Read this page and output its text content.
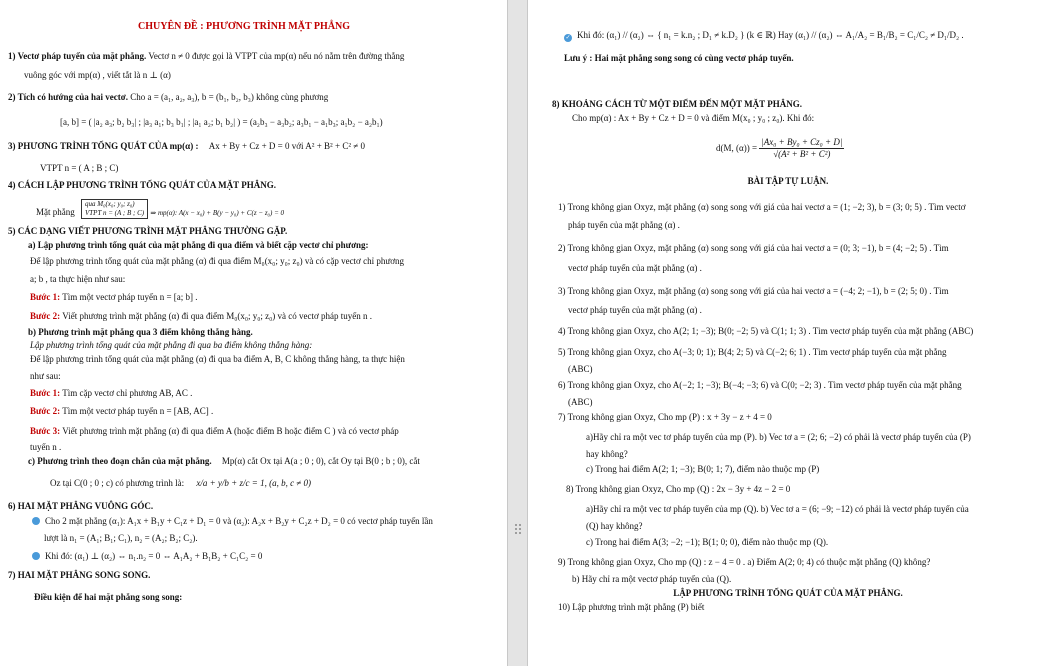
CHUYÊN ĐỀ : PHƯƠNG TRÌNH MẶT PHẲNG
1) Vectơ pháp tuyến của mặt phẳng. Vectơ n ≠ 0 được gọi là VTPT của mp(α) nếu nó nằm trên đường thẳng
vuông góc với mp(α) , viết tắt là n ⊥ (α)
2) Tích có hướng của hai vectơ. Cho a = (a₁, a₂, a₃), b = (b₁, b₂, b₃) không cùng phương
[a, b] = ( |a₂ a₃; b₂ b₃| ; |a₃ a₁; b₃ b₁| ; |a₁ a₂; b₁ b₂| ) = (a₂b₃ − a₃b₂; a₃b₁ − a₁b₃; a₁b₂ − a₂b₁)
3) PHƯƠNG TRÌNH TỔNG QUÁT CỦA mp(α) : Ax + By + Cz + D = 0 với A² + B² + C² ≠ 0
VTPT n = ( A ; B ; C)
4) CÁCH LẬP PHƯƠNG TRÌNH TỔNG QUÁT CỦA MẶT PHẲNG.
Mặt phẳng
qua M₀(x₀; y₀; z₀)
VTPT n = (A ; B ; C) ⇒ mp(α): A(x − x₀) + B(y − y₀) + C(z − z₀) = 0
5) CÁC DẠNG VIẾT PHƯƠNG TRÌNH MẶT PHẲNG THƯỜNG GẶP.
a) Lập phương trình tổng quát của mặt phẳng đi qua điểm và biết cặp vectơ chỉ phương:
Để lập phương trình tổng quát của mặt phẳng (α) đi qua điểm M₀(x₀; y₀; z₀) và có cặp vectơ chỉ phương
a; b , ta thực hiện như sau:
Bước 1: Tìm một vectơ pháp tuyến n = [a; b] .
Bước 2: Viết phương trình mặt phẳng (α) đi qua điểm M₀(x₀; y₀; z₀) và có vectơ pháp tuyến n .
b) Phương trình mặt phẳng qua 3 điểm không thẳng hàng.
Lập phương trình tổng quát của mặt phẳng đi qua ba điểm không thẳng hàng:
Để lập phương trình tổng quát của mặt phẳng (α) đi qua ba điểm A, B, C không thẳng hàng, ta thực hiện
như sau:
Bước 1: Tìm cặp vectơ chỉ phương AB, AC .
Bước 2: Tìm một vectơ pháp tuyến n = [AB, AC] .
Bước 3: Viết phương trình mặt phẳng (α) đi qua điểm A (hoặc điểm B hoặc điểm C ) và có vectơ pháp
tuyến n .
c) Phương trình theo đoạn chắn của mặt phẳng. Mp(α) cắt Ox tại A(a ; 0 ; 0), cắt Oy tại B(0 ; b ; 0), cắt
Oz tại C(0 ; 0 ; c) có phương trình là: x/a + y/b + z/c = 1, (a, b, c ≠ 0)
6) HAI MẶT PHẲNG VUÔNG GÓC.
Cho 2 mặt phẳng (α₁): A₁x + B₁y + C₁z + D₁ = 0 và (α₂): A₂x + B₂y + C₂z + D₂ = 0 có vectơ pháp tuyến lần
lượt là n₁ = (A₁; B₁; C₁), n₂ = (A₂; B₂; C₂).
Khi đó: (α₁) ⊥ (α₂) ⇔ n₁.n₂ = 0 ⇔ A₁A₂ + B₁B₂ + C₁C₂ = 0
7) HAI MẶT PHẲNG SONG SONG.
Điều kiện để hai mặt phẳng song song:
✓ Khi đó: (α₁) // (α₂) ⇔ { n₁ = k.n₂ ; D₁ ≠ k.D₂ } (k ∈ ℝ) Hay (α₁) // (α₂) ⇔ A₁/A₂ = B₁/B₂ = C₁/C₂ ≠ D₁/D₂ .
Lưu ý : Hai mặt phẳng song song có cùng vectơ pháp tuyến.
8) KHOẢNG CÁCH TỪ MỘT ĐIỂM ĐẾN MỘT MẶT PHẲNG.
Cho mp(α) : Ax + By + Cz + D = 0 và điểm M(x₀ ; y₀ ; z₀). Khi đó:
d(M, $(\alpha)) = \frac{\text{|Ax₀ + By₀ + Cz₀ + D|}}{\text{√(A² + B² + C²)}}$
BÀI TẬP TỰ LUẬN.
1) Trong không gian Oxyz, mặt phẳng (α) song song với giá của hai vectơ a = (1; −2; 3), b = (3; 0; 5) . Tìm vectơ
pháp tuyến của mặt phẳng (α) .
2) Trong không gian Oxyz, mặt phẳng (α) song song với giá của hai vectơ a = (0; 3; −1), b = (4; −2; 5) . Tìm
vectơ pháp tuyến của mặt phẳng (α) .
3) Trong không gian Oxyz, mặt phẳng (α) song song với giá của hai vectơ a = (−4; 2; −1), b = (2; 5; 0) . Tìm
vectơ pháp tuyến của mặt phẳng (α) .
4) Trong không gian Oxyz, cho A(2; 1; −3); B(0; −2; 5) và C(1; 1; 3) . Tìm vectơ pháp tuyến của mặt phẳng (ABC)
5) Trong không gian Oxyz, cho A(−3; 0; 1); B(4; 2; 5) và C(−2; 6; 1) . Tìm vectơ pháp tuyến của mặt phẳng
(ABC)
6) Trong không gian Oxyz, cho A(−2; 1; −3); B(−4; −3; 6) và C(0; −2; 3) . Tìm vectơ pháp tuyến của mặt phẳng
(ABC)
7) Trong không gian Oxyz, Cho mp (P) : x + 3y − z + 4 = 0
a)Hãy chỉ ra một vec tơ pháp tuyến của mp (P). b) Vec tơ a = (2; 6; −2) có phải là vectơ pháp tuyến của (P)
hay không?
c) Trong hai điểm A(2; 1; −3); B(0; 1; 7), điểm nào thuộc mp (P)
8) Trong không gian Oxyz, Cho mp (Q) : 2x − 3y + 4z − 2 = 0
a)Hãy chỉ ra một vec tơ pháp tuyến của mp (Q). b) Vec tơ a = (6; −9; −12) có phải là vectơ pháp tuyến của
(Q) hay không?
c) Trong hai điểm A(3; −2; −1); B(1; 0; 0), điểm nào thuộc mp (Q).
9) Trong không gian Oxyz, Cho mp (Q) : z − 4 = 0 . a) Điểm A(2; 0; 4) có thuộc mặt phẳng (Q) không?
b) Hãy chỉ ra một vectơ pháp tuyến của (Q).
LẬP PHƯƠNG TRÌNH TỔNG QUÁT CỦA MẶT PHẲNG.
10) Lập phương trình mặt phẳng (P) biết
